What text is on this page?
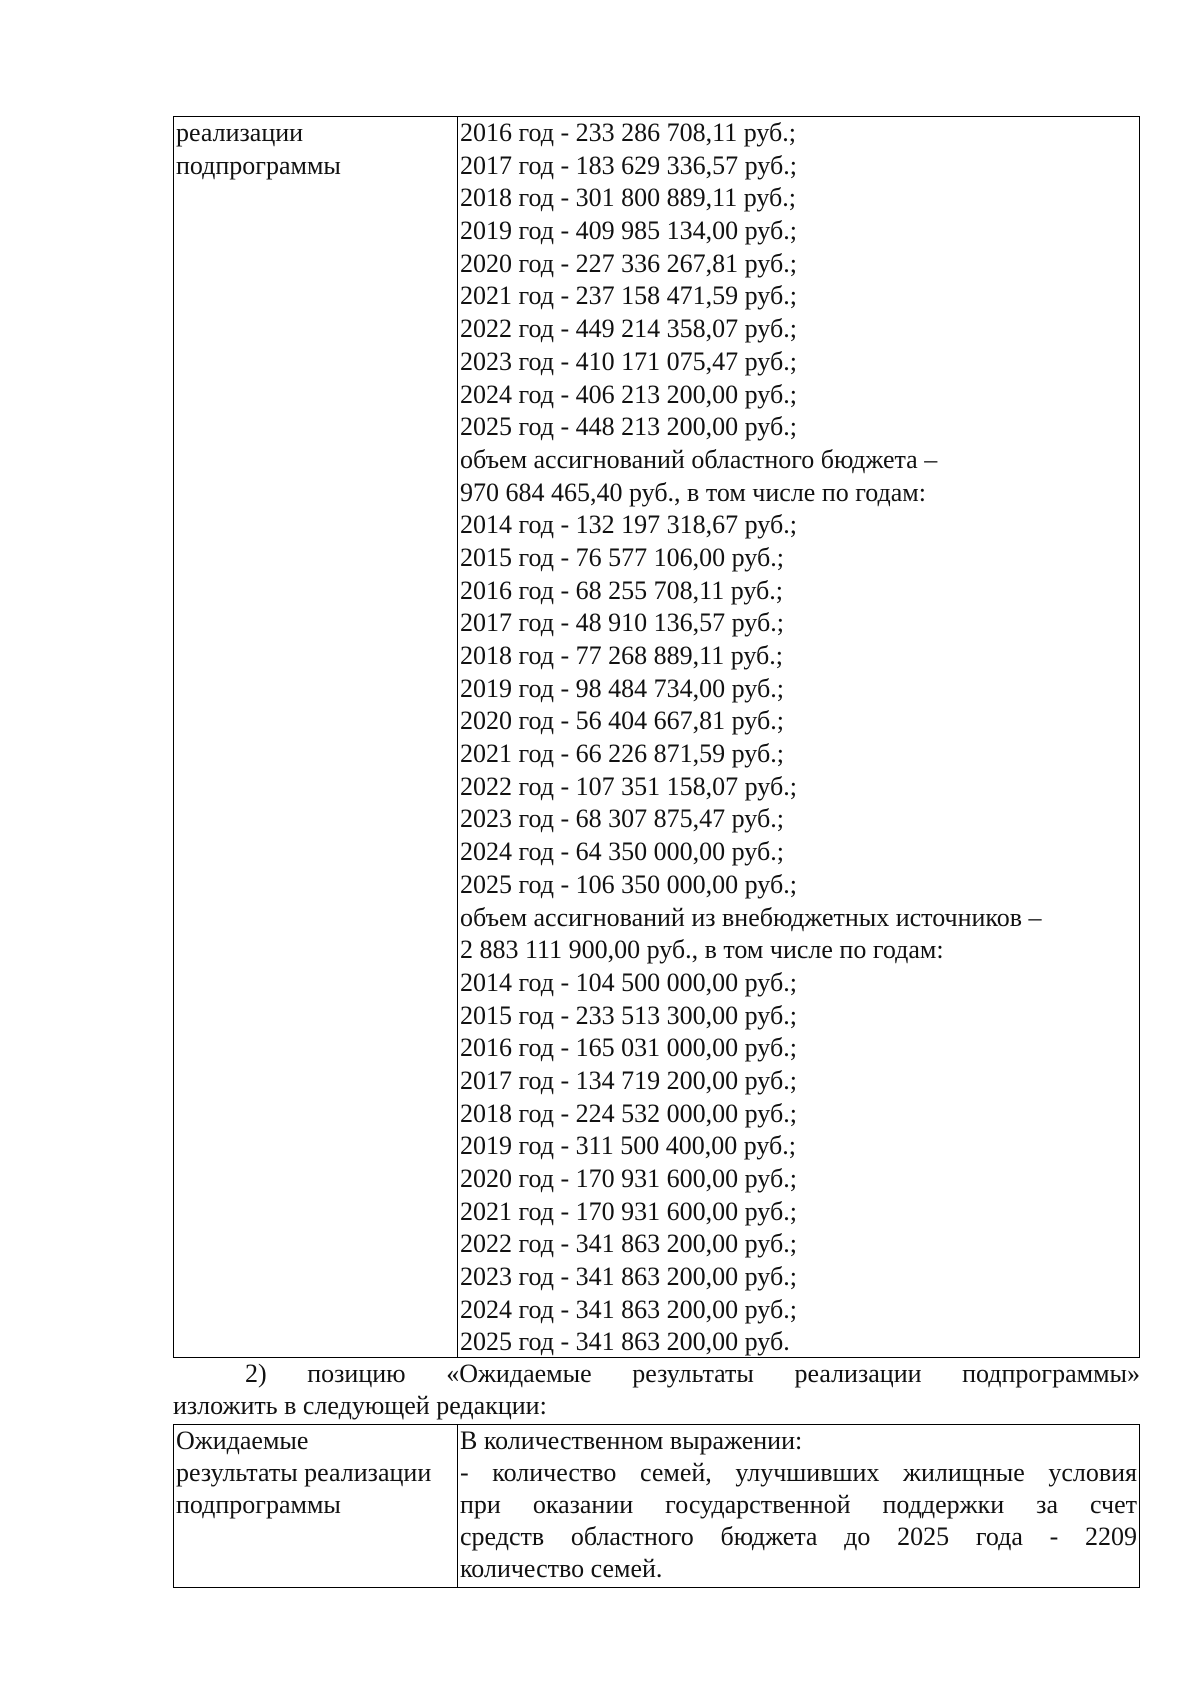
реализации
подпрограммы
2016 год - 233 286 708,11 руб.;
2017 год - 183 629 336,57 руб.;
2018 год - 301 800 889,11 руб.;
2019 год - 409 985 134,00 руб.;
2020 год - 227 336 267,81 руб.;
2021 год - 237 158 471,59 руб.;
2022 год - 449 214 358,07 руб.;
2023 год - 410 171 075,47 руб.;
2024 год - 406 213 200,00 руб.;
2025 год - 448 213 200,00 руб.;
объем ассигнований областного бюджета –
970 684 465,40 руб., в том числе по годам:
2014 год - 132 197 318,67 руб.;
2015 год - 76 577 106,00 руб.;
2016 год - 68 255 708,11 руб.;
2017 год - 48 910 136,57 руб.;
2018 год - 77 268 889,11 руб.;
2019 год - 98 484 734,00 руб.;
2020 год - 56 404 667,81 руб.;
2021 год - 66 226 871,59 руб.;
2022 год - 107 351 158,07 руб.;
2023 год - 68 307 875,47 руб.;
2024 год - 64 350 000,00 руб.;
2025 год - 106 350 000,00 руб.;
объем ассигнований из внебюджетных источников –
2 883 111 900,00 руб., в том числе по годам:
2014 год - 104 500 000,00 руб.;
2015 год - 233 513 300,00 руб.;
2016 год - 165 031 000,00 руб.;
2017 год - 134 719 200,00 руб.;
2018 год - 224 532 000,00 руб.;
2019 год - 311 500 400,00 руб.;
2020 год - 170 931 600,00 руб.;
2021 год - 170 931 600,00 руб.;
2022 год - 341 863 200,00 руб.;
2023 год - 341 863 200,00 руб.;
2024 год - 341 863 200,00 руб.;
2025 год - 341 863 200,00 руб.
2) позицию «Ожидаемые результаты реализации подпрограммы»
изложить в следующей редакции:
Ожидаемые
результаты реализации
подпрограммы
В количественном выражении:
- количество семей, улучшивших жилищные условия
при оказании государственной поддержки за счет
средств областного бюджета до 2025 года - 2209
количество семей.
